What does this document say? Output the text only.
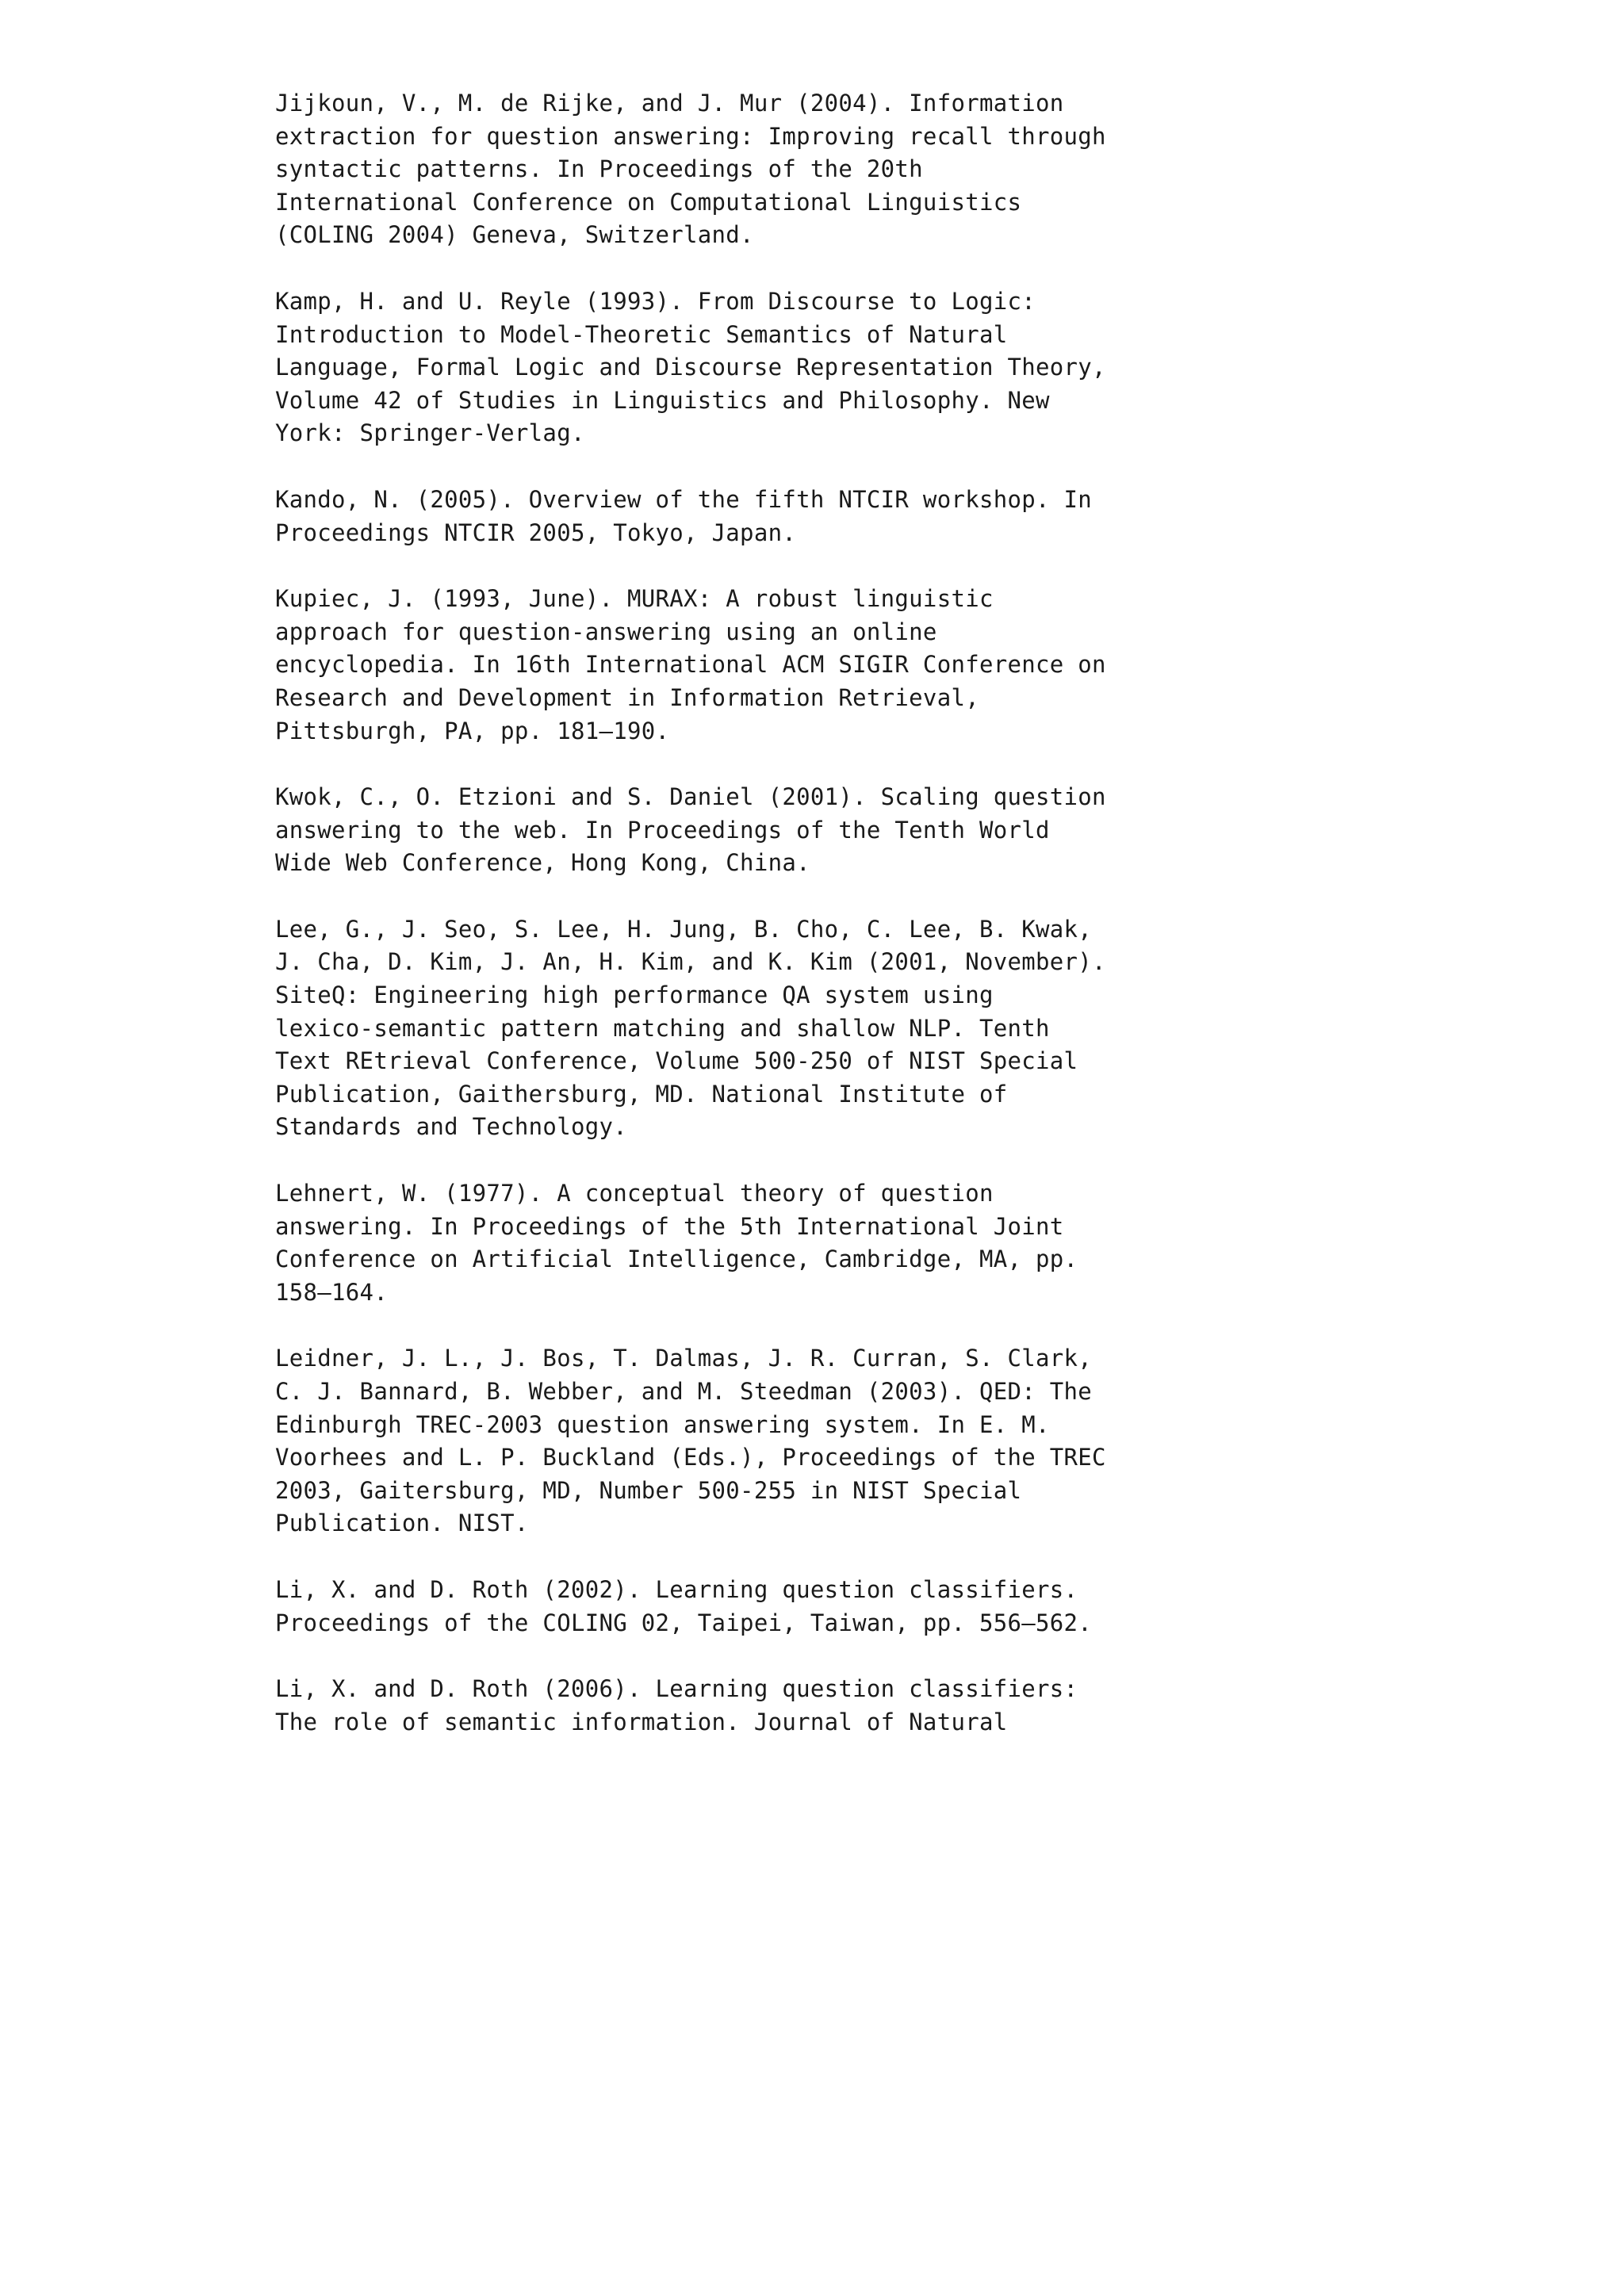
Jijkoun, V., M. de Rijke, and J. Mur (2004). Information
extraction for question answering: Improving recall through
syntactic patterns. In Proceedings of the 20th
International Conference on Computational Linguistics
(COLING 2004) Geneva, Switzerland.
Kamp, H. and U. Reyle (1993). From Discourse to Logic:
Introduction to Model-Theoretic Semantics of Natural
Language, Formal Logic and Discourse Representation Theory,
Volume 42 of Studies in Linguistics and Philosophy. New
York: Springer-Verlag.
Kando, N. (2005). Overview of the fifth NTCIR workshop. In
Proceedings NTCIR 2005, Tokyo, Japan.
Kupiec, J. (1993, June). MURAX: A robust linguistic
approach for question-answering using an online
encyclopedia. In 16th International ACM SIGIR Conference on
Research and Development in Information Retrieval,
Pittsburgh, PA, pp. 181–190.
Kwok, C., O. Etzioni and S. Daniel (2001). Scaling question
answering to the web. In Proceedings of the Tenth World
Wide Web Conference, Hong Kong, China.
Lee, G., J. Seo, S. Lee, H. Jung, B. Cho, C. Lee, B. Kwak,
J. Cha, D. Kim, J. An, H. Kim, and K. Kim (2001, November).
SiteQ: Engineering high performance QA system using
lexico-semantic pattern matching and shallow NLP. Tenth
Text REtrieval Conference, Volume 500-250 of NIST Special
Publication, Gaithersburg, MD. National Institute of
Standards and Technology.
Lehnert, W. (1977). A conceptual theory of question
answering. In Proceedings of the 5th International Joint
Conference on Artificial Intelligence, Cambridge, MA, pp.
158–164.
Leidner, J. L., J. Bos, T. Dalmas, J. R. Curran, S. Clark,
C. J. Bannard, B. Webber, and M. Steedman (2003). QED: The
Edinburgh TREC-2003 question answering system. In E. M.
Voorhees and L. P. Buckland (Eds.), Proceedings of the TREC
2003, Gaitersburg, MD, Number 500-255 in NIST Special
Publication. NIST.
Li, X. and D. Roth (2002). Learning question classifiers.
Proceedings of the COLING 02, Taipei, Taiwan, pp. 556–562.
Li, X. and D. Roth (2006). Learning question classifiers:
The role of semantic information. Journal of Natural
